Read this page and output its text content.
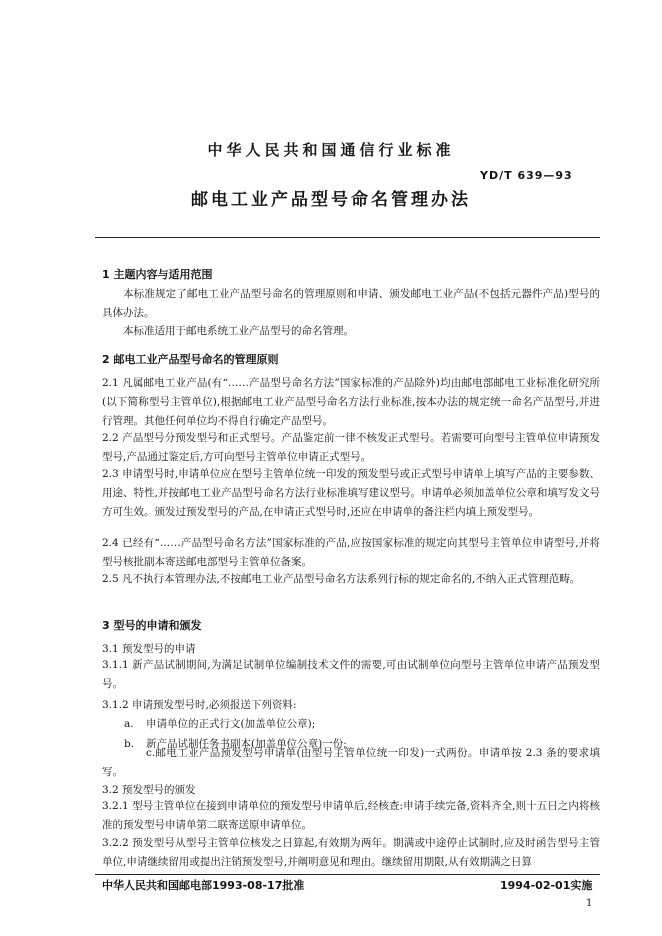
中华人民共和国通信行业标准
YD/T 639—93
邮电工业产品型号命名管理办法
1 主题内容与适用范围
本标准规定了邮电工业产品型号命名的管理原则和申请、颁发邮电工业产品(不包括元器件产品)型号的具体办法。
本标准适用于邮电系统工业产品型号的命名管理。
2 邮电工业产品型号命名的管理原则
2.1 凡属邮电工业产品(有“……产品型号命名方法”国家标准的产品除外)均由邮电部邮电工业标准化研究所(以下简称型号主管单位),根据邮电工业产品型号命名方法行业标准,按本办法的规定统一命名产品型号,并进行管理。其他任何单位均不得自行确定产品型号。
2.2 产品型号分预发型号和正式型号。产品鉴定前一律不核发正式型号。若需要可向型号主管单位申请预发型号,产品通过鉴定后,方可向型号主管单位申请正式型号。
2.3 申请型号时,申请单位应在型号主管单位统一印发的预发型号或正式型号申请单上填写产品的主要参数、用途、特性,并按邮电工业产品型号命名方法行业标准填写建议型号。申请单必须加盖单位公章和填写发文号方可生效。颁发过预发型号的产品,在申请正式型号时,还应在申请单的备注栏内填上预发型号。
2.4 已经有“……产品型号命名方法”国家标准的产品,应按国家标准的规定向其型号主管单位申请型号,并将型号核批副本寄送邮电部型号主管单位备案。
2.5 凡不执行本管理办法,不按邮电工业产品型号命名方法系列行标的规定命名的,不纳入正式管理范畴。
3 型号的申请和颁发
3.1 预发型号的申请
3.1.1 新产品试制期间,为满足试制单位编制技术文件的需要,可由试制单位向型号主管单位申请产品预发型号。
3.1.2 申请预发型号时,必须报送下列资料:
a. 申请单位的正式行文(加盖单位公章);
b. 新产品试制任务书副本(加盖单位公章)一份;
c.邮电工业产品预发型号申请单(由型号主管单位统一印发)一式两份。申请单按 2.3 条的要求填写。
3.2 预发型号的颁发
3.2.1 型号主管单位在接到申请单位的预发型号申请单后,经核查:申请手续完备,资料齐全,则十五日之内将核准的预发型号申请单第二联寄送原申请单位。
3.2.2 预发型号从型号主管单位核发之日算起,有效期为两年。期满或中途停止试制时,应及时函告型号主管单位,申请继续留用或提出注销预发型号,并阐明意见和理由。继续留用期限,从有效期满之日算
中华人民共和国邮电部1993-08-17批准	1994-02-01实施
1
